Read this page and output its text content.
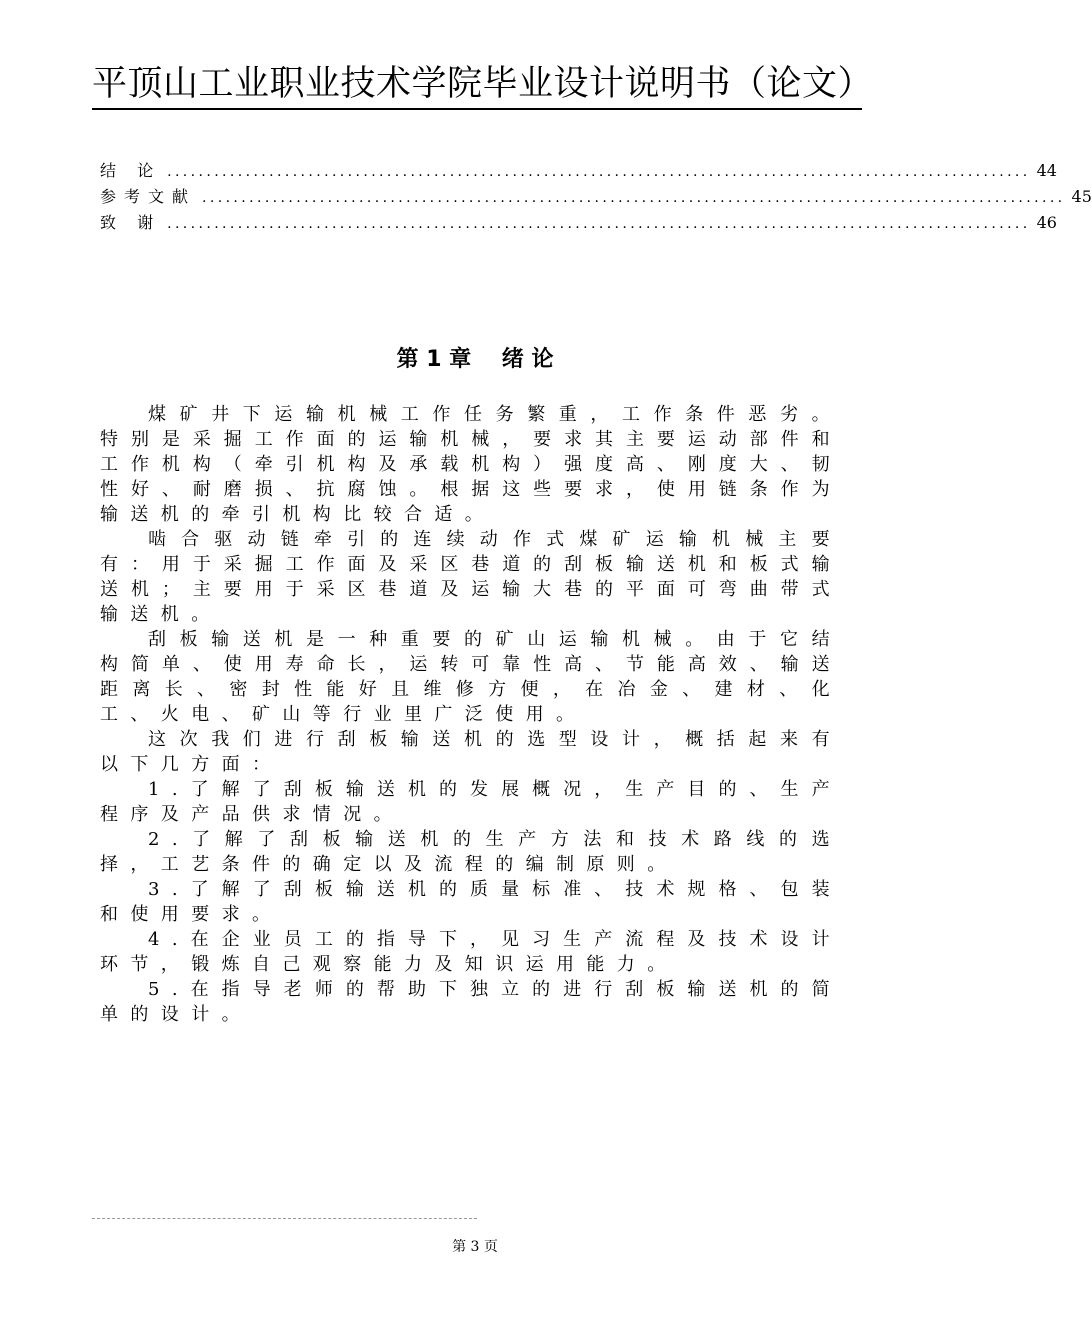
平顶山工业职业技术学院毕业设计说明书（论文）
结 论 .............................................................................................................. 44
参考文献 .............................................................................................................. 45
致 谢 .............................................................................................................. 46
第 1 章    绪 论

煤矿井下运输机械工作任务繁重，工作条件恶劣。特别是采掘工作面的运输机械，要求其主要运动部件和工作机构（牵引机构及承载机构）强度高、刚度大、韧性好、耐磨损、抗腐蚀。根据这些要求，使用链条作为输送机的牵引机构比较合适。

啮合驱动链牵引的连续动作式煤矿运输机械主要有：用于采掘工作面及采区巷道的刮板输送机和板式输送机；主要用于采区巷道及运输大巷的平面可弯曲带式输送机。

刮板输送机是一种重要的矿山运输机械。由于它结构简单、使用寿命长，运转可靠性高、节能高效、输送距离长、密封性能好且维修方便，在冶金、建材、化工、火电、矿山等行业里广泛使用。

这次我们进行刮板输送机的选型设计，概括起来有以下几方面：

1.了解了刮板输送机的发展概况，生产目的、生产程序及产品供求情况。

2.了解了刮板输送机的生产方法和技术路线的选择，工艺条件的确定以及流程的编制原则。

3.了解了刮板输送机的质量标准、技术规格、包装和使用要求。

4.在企业员工的指导下，见习生产流程及技术设计环节，锻炼自己观察能力及知识运用能力。

5.在指导老师的帮助下独立的进行刮板输送机的简单的设计。

第 3 页
